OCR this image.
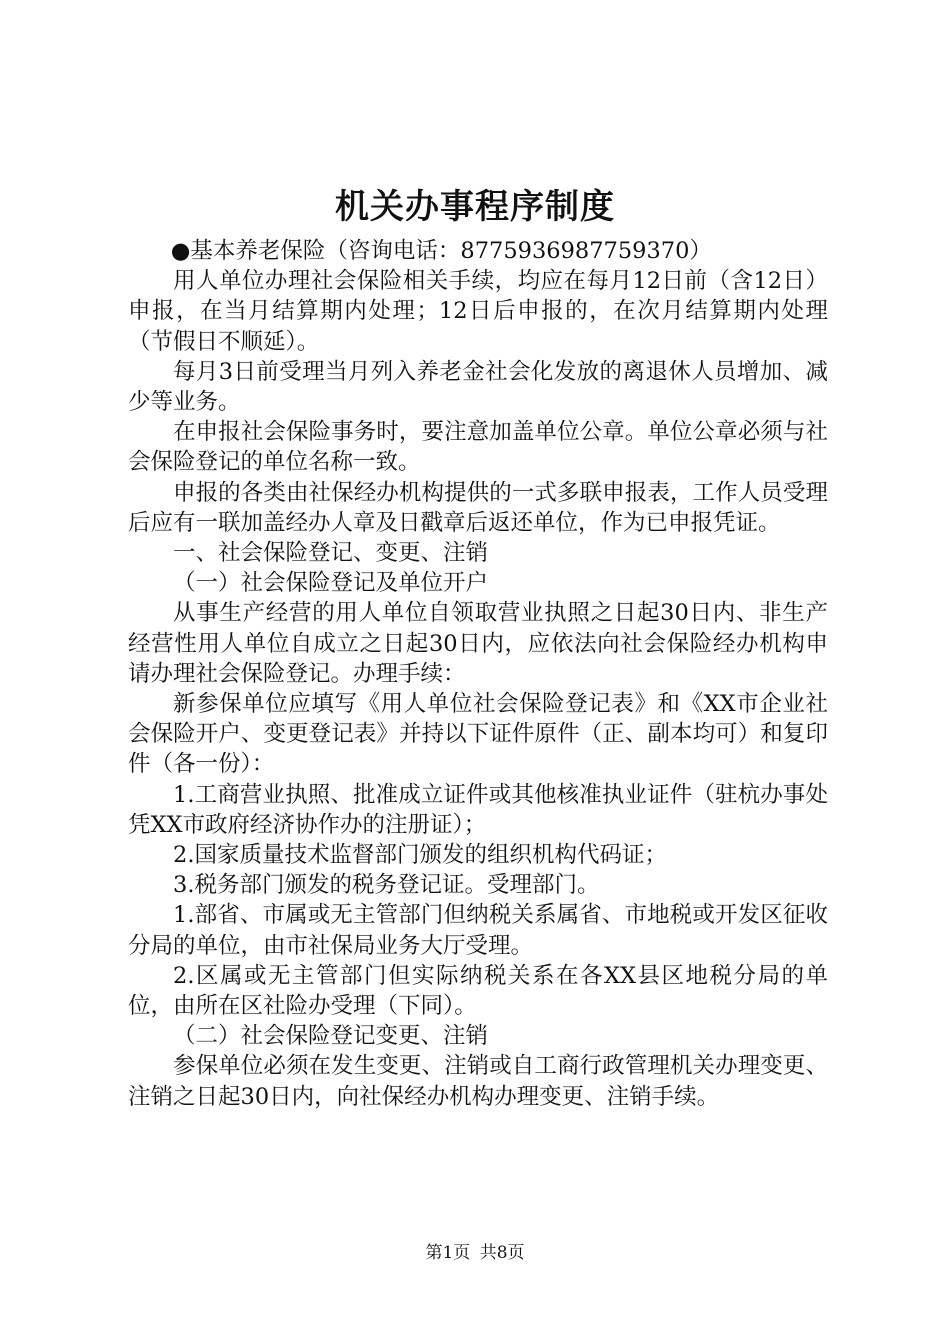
机关办事程序制度

●基本养老保险（咨询电话：8775936987759370）

用人单位办理社会保险相关手续，均应在每月12日前（含12日）申报，在当月结算期内处理；12日后申报的，在次月结算期内处理（节假日不顺延）。

每月3日前受理当月列入养老金社会化发放的离退休人员增加、减少等业务。

在申报社会保险事务时，要注意加盖单位公章。单位公章必须与社会保险登记的单位名称一致。

申报的各类由社保经办机构提供的一式多联申报表，工作人员受理后应有一联加盖经办人章及日戳章后返还单位，作为已申报凭证。

一、社会保险登记、变更、注销

（一）社会保险登记及单位开户

从事生产经营的用人单位自领取营业执照之日起30日内、非生产经营性用人单位自成立之日起30日内，应依法向社会保险经办机构申请办理社会保险登记。办理手续：

新参保单位应填写《用人单位社会保险登记表》和《XX市企业社会保险开户、变更登记表》并持以下证件原件（正、副本均可）和复印件（各一份）：

1.工商营业执照、批准成立证件或其他核准执业证件（驻杭办事处凭XX市政府经济协作办的注册证）；

2.国家质量技术监督部门颁发的组织机构代码证；

3.税务部门颁发的税务登记证。受理部门。

1.部省、市属或无主管部门但纳税关系属省、市地税或开发区征收分局的单位，由市社保局业务大厅受理。

2.区属或无主管部门但实际纳税关系在各XX县区地税分局的单位，由所在区社险办受理（下同）。

（二）社会保险登记变更、注销

参保单位必须在发生变更、注销或自工商行政管理机关办理变更、注销之日起30日内，向社保经办机构办理变更、注销手续。

第1页 共8页
